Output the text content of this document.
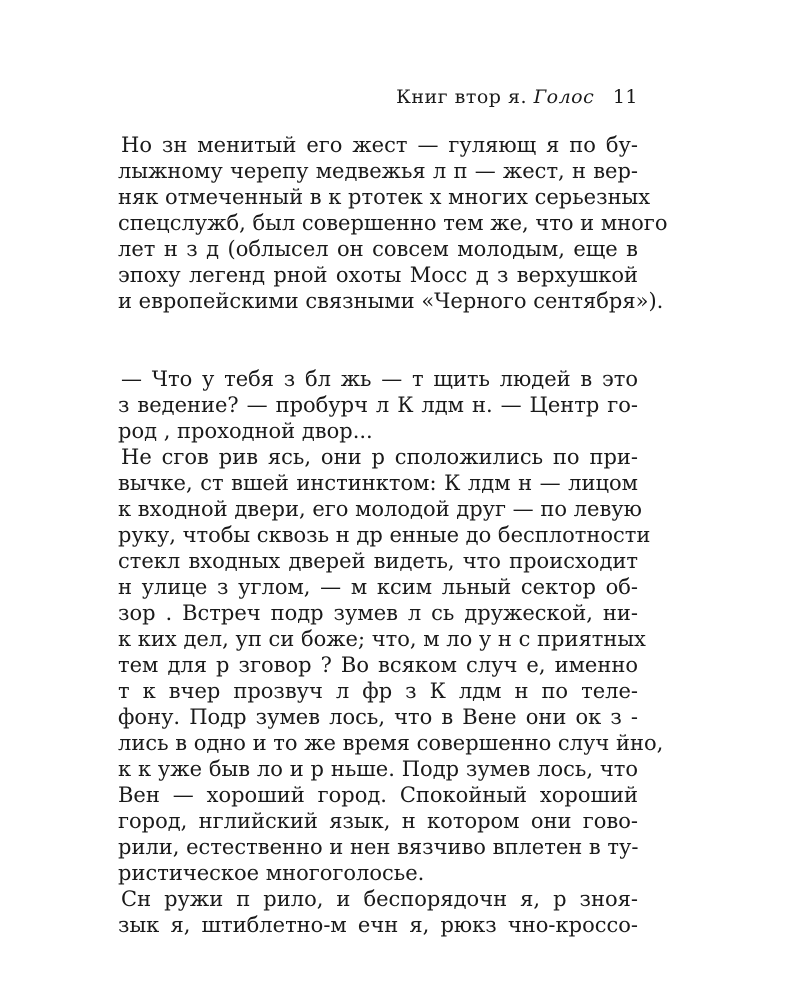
Книг втор я. Голос 11
Но зн менитый его жест — гуляющ я по бу-
лыжному черепу медвежья л п — жест, н вер-
няк отмеченный в к ртотек х многих серьезных
спецслужб, был совершенно тем же, что и много
лет н з д (облысел он совсем молодым, еще в
эпоху легенд рной охоты Мосс д з верхушкой
и европейскими связными «Черного сентября»).
— Что у тебя з бл жь — т щить людей в это
з ведение? — пробурч л К лдм н. — Центр го-
род , проходной двор...
Не сгов рив ясь, они р сположились по при-
вычке, ст вшей инстинктом: К лдм н — лицом
к входной двери, его молодой друг — по левую
руку, чтобы сквозь н др енные до бесплотности
стекл входных дверей видеть, что происходит
н улице з углом, — м ксим льный сектор об-
зор . Встреч подр зумев л сь дружеской, ни-
к ких дел, уп си боже; что, м ло у н с приятных
тем для р зговор ? Во всяком случ е, именно
т к вчер прозвуч л фр з К лдм н по теле-
фону. Подр зумев лось, что в Вене они ок з -
лись в одно и то же время совершенно случ йно,
к к уже быв ло и р ньше. Подр зумев лось, что
Вен — хороший город. Спокойный хороший
город, нглийский язык, н котором они гово-
рили, естественно и нен вязчиво вплетен в ту-
ристическое многоголосье.
Сн ружи п рило, и беспорядочн я, р зноя-
зык я, штиблетно-м ечн я, рюкз чно-кроссо-
